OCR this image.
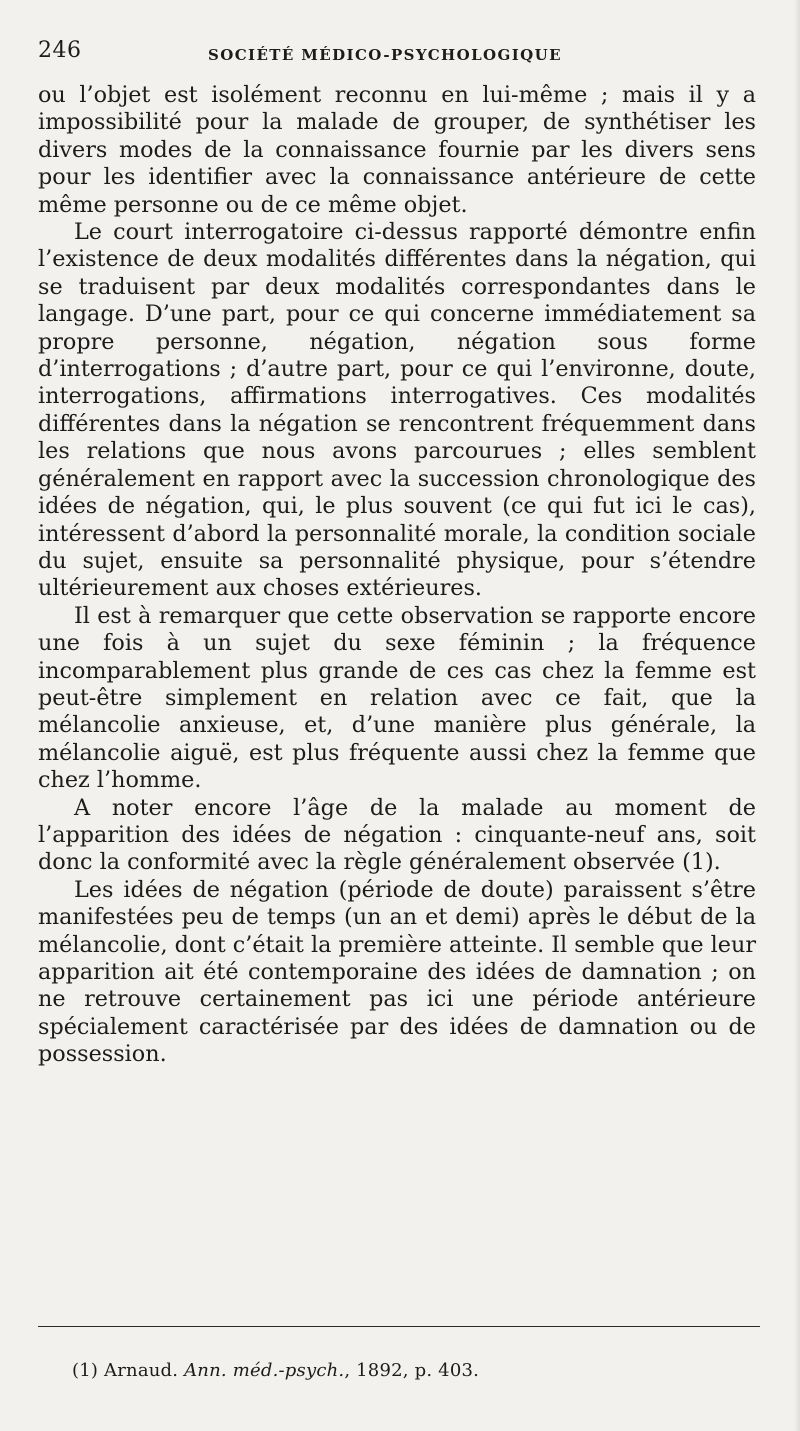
246	SOCIÉTÉ MÉDICO-PSYCHOLOGIQUE

ou l’objet est isolément reconnu en lui-même ; mais il y a impossibilité pour la malade de grouper, de synthétiser les divers modes de la connaissance fournie par les divers sens pour les identifier avec la connaissance antérieure de cette même personne ou de ce même objet.

Le court interrogatoire ci-dessus rapporté démontre enfin l’existence de deux modalités différentes dans la négation, qui se traduisent par deux modalités correspondantes dans le langage. D’une part, pour ce qui concerne immédiatement sa propre personne, négation, négation sous forme d’interrogations ; d’autre part, pour ce qui l’environne, doute, interrogations, affirmations interrogatives. Ces modalités différentes dans la négation se rencontrent fréquemment dans les relations que nous avons parcourues ; elles semblent généralement en rapport avec la succession chronologique des idées de négation, qui, le plus souvent (ce qui fut ici le cas), intéressent d’abord la personnalité morale, la condition sociale du sujet, ensuite sa personnalité physique, pour s’étendre ultérieurement aux choses extérieures.

Il est à remarquer que cette observation se rapporte encore une fois à un sujet du sexe féminin ; la fréquence incomparablement plus grande de ces cas chez la femme est peut-être simplement en relation avec ce fait, que la mélancolie anxieuse, et, d’une manière plus générale, la mélancolie aiguë, est plus fréquente aussi chez la femme que chez l’homme.

A noter encore l’âge de la malade au moment de l’apparition des idées de négation : cinquante-neuf ans, soit donc la conformité avec la règle généralement observée (1).

Les idées de négation (période de doute) paraissent s’être manifestées peu de temps (un an et demi) après le début de la mélancolie, dont c’était la première atteinte. Il semble que leur apparition ait été contemporaine des idées de damnation ; on ne retrouve certainement pas ici une période antérieure spécialement caractérisée par des idées de damnation ou de possession.

(1) Arnaud. Ann. méd.-psych., 1892, p. 403.
